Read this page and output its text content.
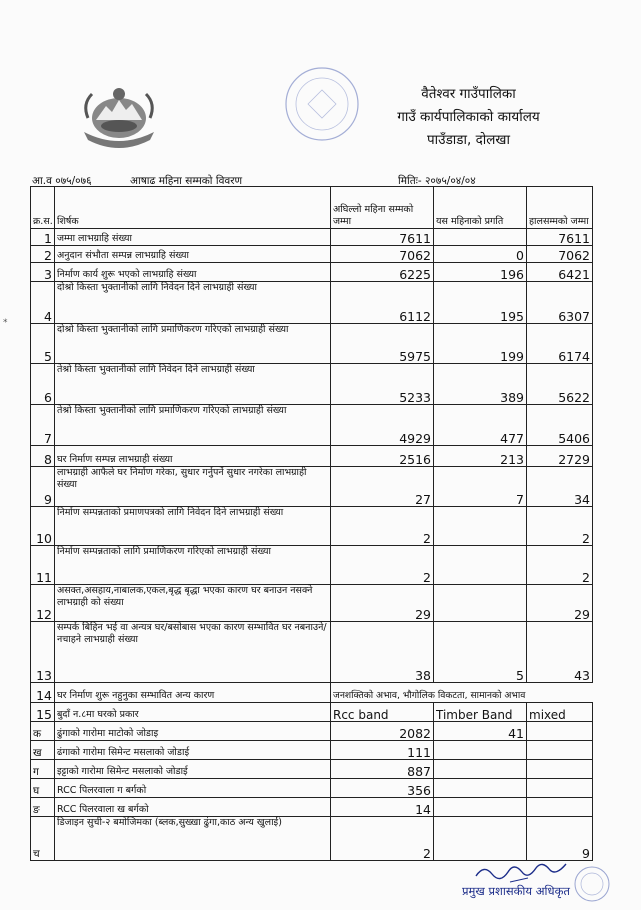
वैतेश्वर गाउँपालिका
गाउँ कार्यपालिकाको कार्यालय
पाउँडाडा, दोलखा
आ.व ०७५/०७६	आषाढ महिना सम्मको विवरण	मितिः- २०७५/०४/०४
*
क्र.स.	शिर्षक	अघिल्लो महिना सम्मको जम्मा	यस महिनाको प्रगति	हालसम्मको जम्मा
1	जम्मा लाभग्राहि संख्या	7611		7611
2	अनुदान संभौता सम्पन्न लाभग्राहि संख्या	7062	0	7062
3	निर्माण कार्य शुरू भएको लाभग्राहि संख्या	6225	196	6421
4	दोश्रो किस्ता भुक्तानीको लागि निवेदन दिने लाभग्राही संख्या	6112	195	6307
5	दोश्रो किस्ता भुक्तानीको लागि प्रमाणिकरण गरिएको लाभग्राही संख्या	5975	199	6174
6	तेश्रो किस्ता भुक्तानीको लागि निवेदन दिने लाभग्राही संख्या	5233	389	5622
7	तेश्रो किस्ता भुक्तानीको लागि प्रमाणिकरण गरिएको लाभग्राही संख्या	4929	477	5406
8	घर निर्माण सम्पन्न लाभग्राही संख्या	2516	213	2729
9	लाभग्राही आफैले घर निर्माण गरेका, सुधार गर्नुपर्ने सुधार नगरेका लाभग्राही संख्या	27	7	34
10	निर्माण सम्पन्नताको प्रमाणपत्रको लागि निवेदन दिने लाभग्राही संख्या	2		2
11	निर्माण सम्पन्नताको लागि प्रमाणिकरण गरिएको लाभग्राही संख्या	2		2
12	असक्त,असहाय,नाबालक,एकल,बृद्ध बृद्धा भएका कारण घर बनाउन नसक्ने लाभग्राही को संख्या	29		29
13	सम्पर्क बिहिन भई वा अन्यत्र घर/बसोबास भएका कारण सम्भावित घर नबनाउने/नचाहने लाभग्राही संख्या	38	5	43
14	घर निर्माण शुरू नहुनुका सम्भावित अन्य कारण	जनशक्तिको अभाव, भौगोलिक विकटता, सामानको अभाव		
15	बुदाँ न.८मा घरको प्रकार	Rcc band	Timber Band	mixed
क	ढुंगाको गारोमा माटोको जोडाइ	2082	41	
ख	ढंगाको गारोमा सिमेन्ट मसलाको जोडाई	111		
ग	इट्टाको गारोमा सिमेन्ट मसलाको जोडाई	887		
घ	RCC पिलरवाला ग बर्गको	356		
ङ	RCC पिलरवाला ख बर्गको	14		
च	डिजाइन सुची-२ बमोजिमका (ब्लक,सुख्खा ढुंगा,काठ अन्य खुलाई)	2		9
प्रमुख प्रशासकीय अधिकृत
